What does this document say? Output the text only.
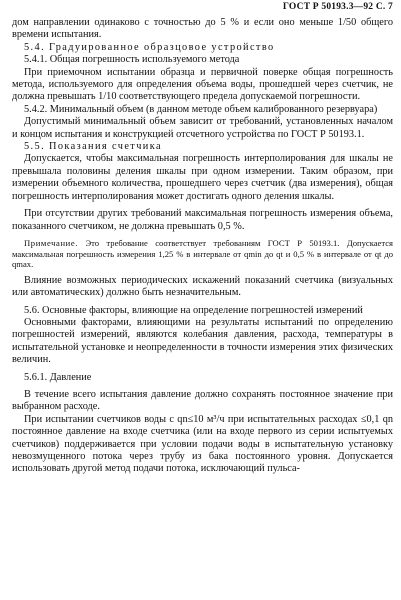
ГОСТ Р 50193.3—92 С. 7

дом направлении одинаково с точностью до 5 % и если оно меньше 1/50 общего времени испытания.

5.4. Градуированное образцовое устройство

5.4.1. Общая погрешность используемого метода

При приемочном испытании образца и первичной поверке общая погрешность метода, используемого для определения объема воды, прошедшей через счетчик, не должна превышать 1/10 соответствующего предела допускаемой погрешности.

5.4.2. Минимальный объем (в данном методе объем калиброванного резервуара)

Допустимый минимальный объем зависит от требований, установленных началом и концом испытания и конструкцией отсчетного устройства по ГОСТ Р 50193.1.

5.5. Показания счетчика

Допускается, чтобы максимальная погрешность интерполирования для шкалы не превышала половины деления шкалы при одном измерении. Таким образом, при измерении объемного количества, прошедшего через счетчик (два измерения), общая погрешность интерполирования может достигать одного деления шкалы.

При отсутствии других требований максимальная погрешность измерения объема, показанного счетчиком, не должна превышать 0,5 %.

Примечание. Это требование соответствует требованиям ГОСТ Р 50193.1. Допускается максимальная погрешность измерения 1,25 % в интервале от qmin до qt и 0,5 % в интервале от qt до qmax.

Влияние возможных периодических искажений показаний счетчика (визуальных или автоматических) должно быть незначительным.

5.6. Основные факторы, влияющие на определение погрешностей измерений

Основными факторами, влияющими на результаты испытаний по определению погрешностей измерений, являются колебания давления, расхода, температуры в испытательной установке и неопределенности в точности измерения этих физических величин.

5.6.1. Давление

В течение всего испытания давление должно сохранять постоянное значение при выбранном расходе.

При испытании счетчиков воды с qn≤10 м³/ч при испытательных расходах ≤0,1 qn постоянное давление на входе счетчика (или на входе первого из серии испытуемых счетчиков) поддерживается при условии подачи воды в испытательную установку невозмущенного потока через трубу из бака постоянного уровня. Допускается использовать другой метод подачи потока, исключающий пульса-
